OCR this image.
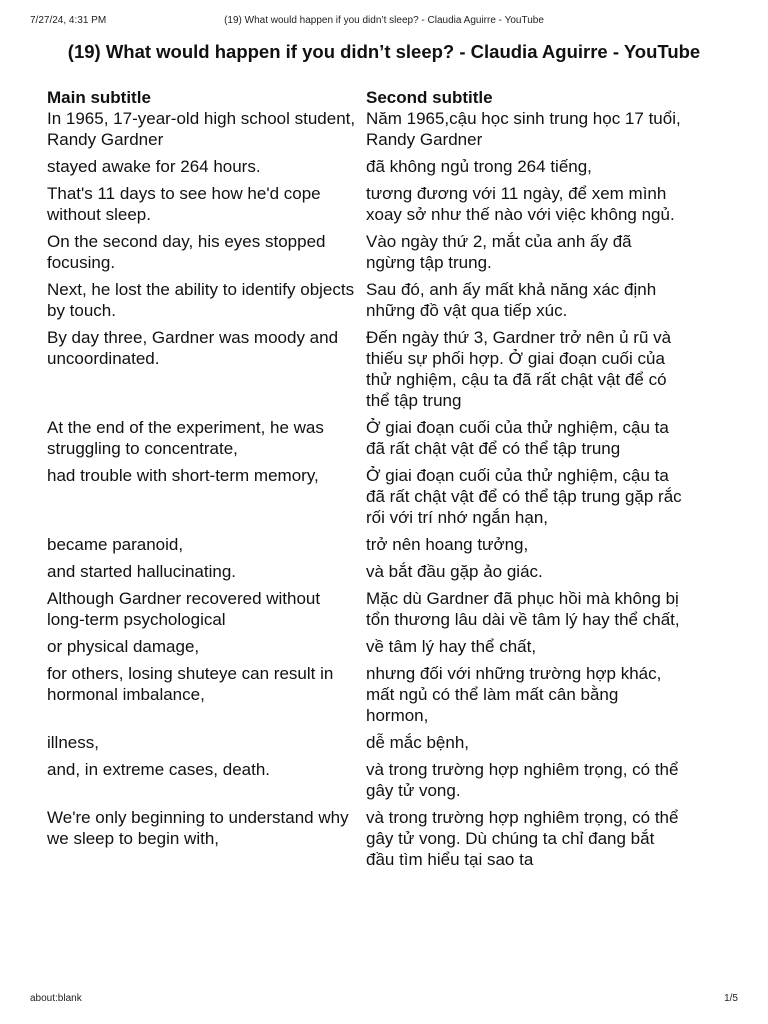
7/27/24, 4:31 PM	(19) What would happen if you didn’t sleep? - Claudia Aguirre - YouTube
(19) What would happen if you didn’t sleep? - Claudia Aguirre - YouTube
Main subtitle	Second subtitle
In 1965, 17-year-old high school student, Randy Gardner	Năm 1965,cậu học sinh trung học 17 tuổi, Randy Gardner
stayed awake for 264 hours.	đã không ngủ trong 264 tiếng,
That's 11 days to see how he'd cope without sleep.	tương đương với 11 ngày, để xem mình xoay sở như thế nào với việc không ngủ.
On the second day, his eyes stopped focusing.	Vào ngày thứ 2, mắt của anh ấy đã ngừng tập trung.
Next, he lost the ability to identify objects by touch.	Sau đó, anh ấy mất khả năng xác định những đồ vật qua tiếp xúc.
By day three, Gardner was moody and uncoordinated.	Đến ngày thứ 3, Gardner trở nên ủ rũ và thiếu sự phối hợp. Ở giai đoạn cuối của thử nghiệm, cậu ta đã rất chật vật để có thể tập trung
At the end of the experiment, he was struggling to concentrate,	Ở giai đoạn cuối của thử nghiệm, cậu ta đã rất chật vật để có thể tập trung
had trouble with short-term memory,	Ở giai đoạn cuối của thử nghiệm, cậu ta đã rất chật vật để có thể tập trung gặp rắc rối với trí nhớ ngắn hạn,
became paranoid,	trở nên hoang tưởng,
and started hallucinating.	và bắt đầu gặp ảo giác.
Although Gardner recovered without long-term psychological	Mặc dù Gardner đã phục hồi mà không bị tổn thương lâu dài về tâm lý hay thể chất,
or physical damage,	về tâm lý hay thể chất,
for others, losing shuteye can result in hormonal imbalance,	nhưng đối với những trường hợp khác, mất ngủ có thể làm mất cân bằng hormon,
illness,	dễ mắc bệnh,
and, in extreme cases, death.	và trong trường hợp nghiêm trọng, có thể gây tử vong.
We're only beginning to understand why we sleep to begin with,	và trong trường hợp nghiêm trọng, có thể gây tử vong. Dù chúng ta chỉ đang bắt đầu tìm hiểu tại sao ta
about:blank	1/5
